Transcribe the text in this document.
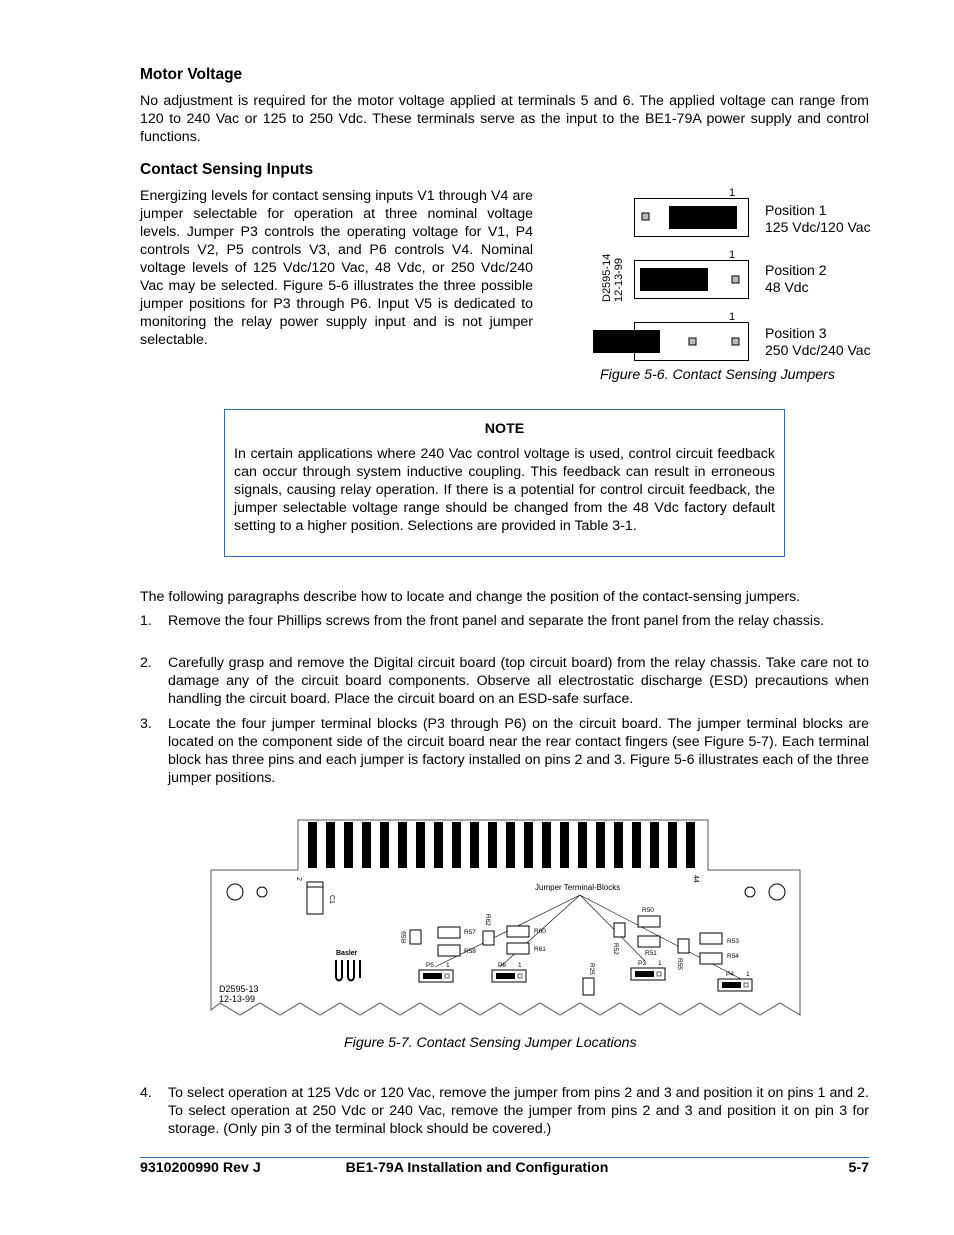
Motor Voltage

No adjustment is required for the motor voltage applied at terminals 5 and 6. The applied voltage can range from 120 to 240 Vac or 125 to 250 Vdc. These terminals serve as the input to the BE1-79A power supply and control functions.

Contact Sensing Inputs

Energizing levels for contact sensing inputs V1 through V4 are jumper selectable for operation at three nominal voltage levels. Jumper P3 controls the operating voltage for V1, P4 controls V2, P5 controls V3, and P6 controls V4. Nominal voltage levels of 125 Vdc/120 Vac, 48 Vdc, or 250 Vdc/240 Vac may be selected. Figure 5-6 illustrates the three possible jumper positions for P3 through P6. Input V5 is dedicated to monitoring the relay power supply input and is not jumper selectable.

D2595-14 12-13-99
1
Position 1
125 Vdc/120 Vac
1
Position 2
48 Vdc
1
Position 3
250 Vdc/240 Vac
Figure 5-6. Contact Sensing Jumpers
NOTE
In certain applications where 240 Vac control voltage is used, control circuit feedback can occur through system inductive coupling. This feedback can result in erroneous signals, causing relay operation. If there is a potential for control circuit feedback, the jumper selectable voltage range should be changed from the 48 Vdc factory default setting to a higher position. Selections are provided in Table 3-1.

The following paragraphs describe how to locate and change the position of the contact-sensing jumpers.

1. Remove the four Phillips screws from the front panel and separate the front panel from the relay chassis.
2. Carefully grasp and remove the Digital circuit board (top circuit board) from the relay chassis. Take care not to damage any of the circuit board components. Observe all electrostatic discharge (ESD) precautions when handling the circuit board. Place the circuit board on an ESD-safe surface.
3. Locate the four jumper terminal blocks (P3 through P6) on the circuit board. The jumper terminal blocks are located on the component side of the circuit board near the rear contact fingers (see Figure 5-7). Each terminal block has three pins and each jumper is factory installed on pins 2 and 3. Figure 5-6 illustrates each of the three jumper positions.
2	44
C1
Basler
D2595-13
12-13-99
Jumper Terminal-Blocks
R57
R58
R59
R62
R60
R61
R25
R52
R50
R51
R55
R53
R54
P5 1	P6 1	P3 1
P4 1
Figure 5-7. Contact Sensing Jumper Locations
4. To select operation at 125 Vdc or 120 Vac, remove the jumper from pins 2 and 3 and position it on pins 1 and 2. To select operation at 250 Vdc or 240 Vac, remove the jumper from pins 2 and 3 and position it on pin 3 for storage. (Only pin 3 of the terminal block should be covered.)
9310200990 Rev J	BE1-79A Installation and Configuration	5-7
